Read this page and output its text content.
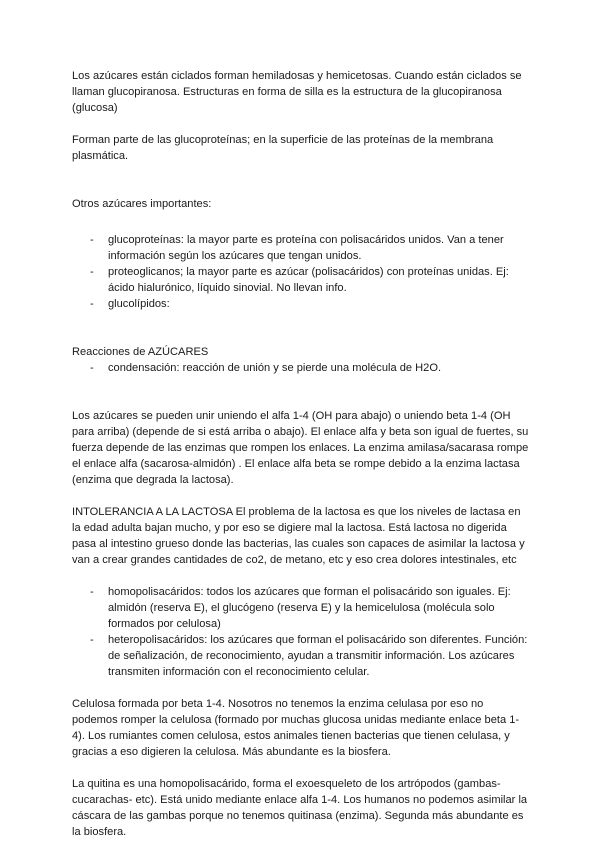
Los azúcares están ciclados forman hemiladosas y hemicetosas. Cuando están ciclados se llaman glucopiranosa. Estructuras en forma de silla es la estructura de la glucopiranosa (glucosa)

Forman parte de las glucoproteínas; en la superficie de las proteínas de la membrana plasmática.

Otros azúcares importantes:

- glucoproteínas: la mayor parte es proteína con polisacáridos unidos. Van a tener información según los azúcares que tengan unidos.
- proteoglicanos; la mayor parte es azúcar (polisacáridos) con proteínas unidas. Ej: ácido hialurónico, líquido sinovial. No llevan info.
- glucolípidos:

Reacciones de AZÚCARES

- condensación: reacción de unión y se pierde una molécula de H2O.

Los azúcares se pueden unir uniendo el alfa 1-4 (OH para abajo) o uniendo beta 1-4 (OH para arriba) (depende de si está arriba o abajo). El enlace alfa y beta son igual de fuertes, su fuerza depende de las enzimas que rompen los enlaces. La enzima amilasa/sacarasa rompe el enlace alfa (sacarosa-almidón) . El enlace alfa beta se rompe debido a la enzima lactasa (enzima que degrada la lactosa).

INTOLERANCIA A LA LACTOSA El problema de la lactosa es que los niveles de lactasa en la edad adulta bajan mucho, y por eso se digiere mal la lactosa. Está lactosa no digerida pasa al intestino grueso donde las bacterias, las cuales son capaces de asimilar la lactosa y van a crear grandes cantidades de co2, de metano, etc y eso crea dolores intestinales, etc

- homopolisacáridos: todos los azúcares que forman el polisacárido son iguales. Ej: almidón (reserva E), el glucógeno (reserva E) y la hemicelulosa (molécula solo formados por celulosa)
- heteropolisacáridos: los azúcares que forman el polisacárido son diferentes. Función: de señalización, de reconocimiento, ayudan a transmitir información. Los azúcares transmiten información con el reconocimiento celular.

Celulosa formada por beta 1-4. Nosotros no tenemos la enzima celulasa por eso no podemos romper la celulosa (formado por muchas glucosa unidas mediante enlace beta 1-4). Los rumiantes comen celulosa, estos animales tienen bacterias que tienen celulasa, y gracias a eso digieren la celulosa. Más abundante es la biosfera.

La quitina es una homopolisacárido, forma el exoesqueleto de los artrópodos (gambas-cucarachas- etc). Está unido mediante enlace alfa 1-4. Los humanos no podemos asimilar la cáscara de las gambas porque no tenemos quitinasa (enzima). Segunda más abundante es la biosfera.
